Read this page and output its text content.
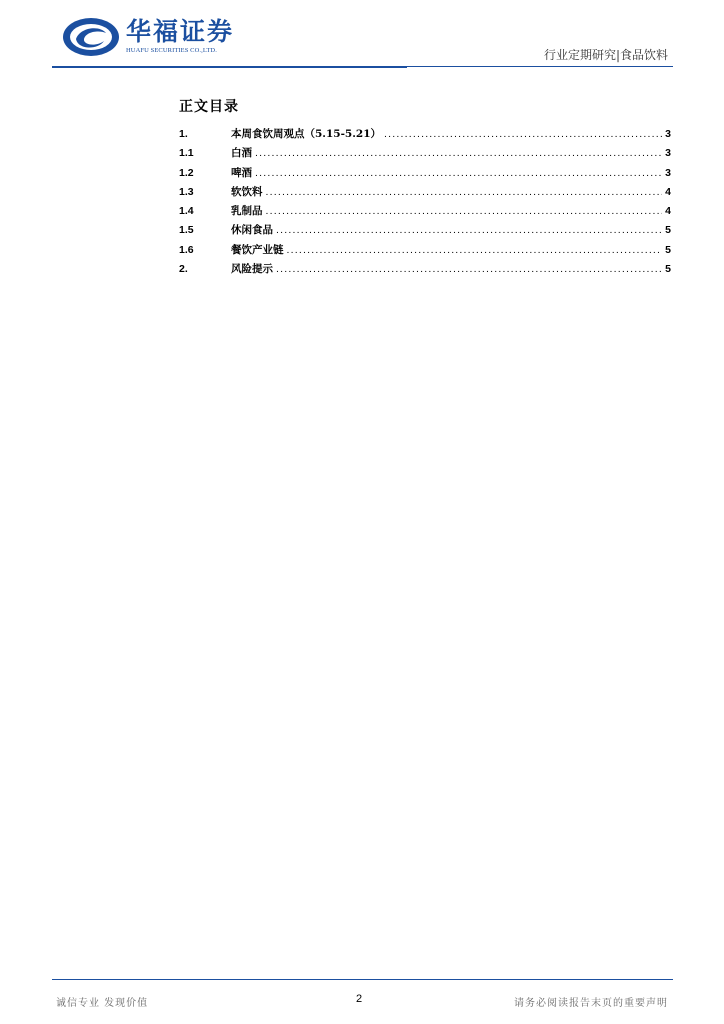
华福证券
HUAFU SECURITIES CO.,LTD.	行业定期研究|食品饮料
正文目录
1.	本周食饮周观点（5.15-5.21） .....	3
1.1	白酒 .....	3
1.2	啤酒 .....	3
1.3	软饮料 .....	4
1.4	乳制品 .....	4
1.5	休闲食品 .....	5
1.6	餐饮产业链 .....	5
2.	风险提示 .....	5
诚信专业 发现价值	2	请务必阅读报告末页的重要声明
